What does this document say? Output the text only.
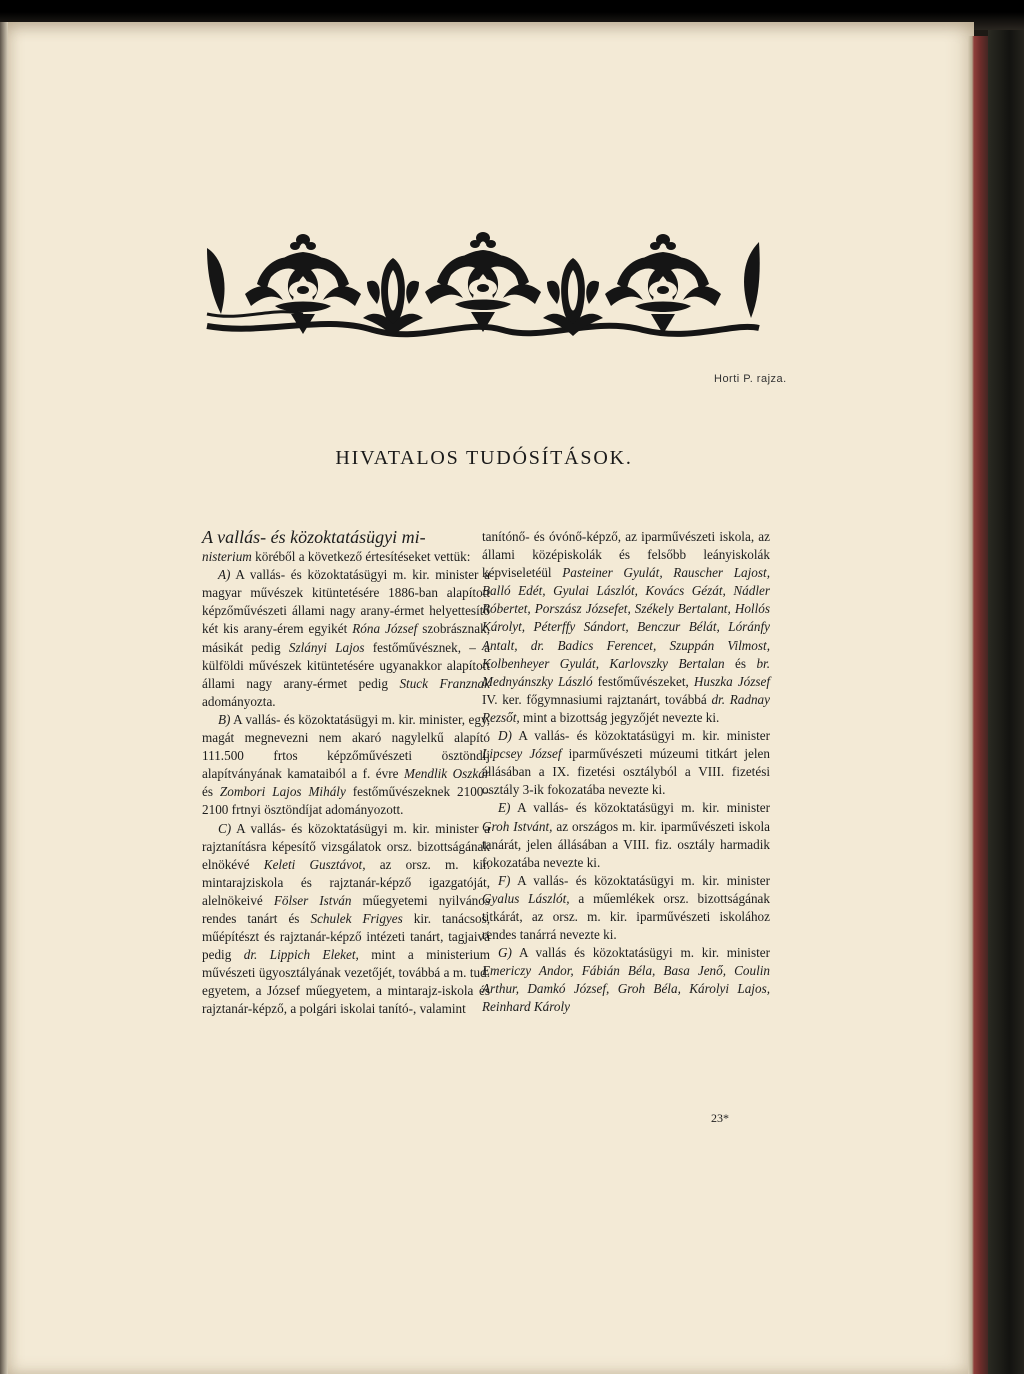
Horti P. rajza.

HIVATALOS TUDÓSÍTÁSOK.

A vallás- és közoktatásügyi mi-
nisterium köréből a következő értesítéseket vettük:

A) A vallás- és közoktatásügyi m. kir. minister a magyar művészek kitüntetésére 1886-ban alapított képzőművészeti állami nagy arany-érmet helyettesítő két kis arany-érem egyikét Róna József szobrásznak, másikát pedig Szlányi Lajos festőművésznek, – a külföldi művészek kitüntetésére ugyanakkor alapított állami nagy arany-érmet pedig Stuck Franznak adományozta.

B) A vallás- és közoktatásügyi m. kir. minister, egy, magát megnevezni nem akaró nagylelkű alapító 111.500 frtos képzőművészeti ösztöndíj alapítványának kamataiból a f. évre Mendlik Oszkár és Zombori Lajos Mihály festőművészeknek 2100–2100 frtnyi ösztöndíjat adományozott.

C) A vallás- és közoktatásügyi m. kir. minister a rajztanításra képesítő vizsgálatok orsz. bizottságának elnökévé Keleti Gusztávot, az orsz. m. kir. mintarajziskola és rajztanár-képző igazgatóját, alelnökeivé Fölser István műegyetemi nyilvános rendes tanárt és Schulek Frigyes kir. tanácsos, műépítészt és rajztanár-képző intézeti tanárt, tagjaivá pedig dr. Lippich Eleket, mint a ministerium művészeti ügyosztályának vezetőjét, továbbá a m. tud. egyetem, a József műegyetem, a mintarajz-iskola és rajztanár-képző, a polgári iskolai tanító-, valamint

tanítónő- és óvónő-képző, az iparművészeti iskola, az állami középiskolák és felsőbb leányiskolák képviseletéül Pasteiner Gyulát, Rauscher Lajost, Balló Edét, Gyulai Lászlót, Kovács Gézát, Nádler Róbertet, Porszász Józsefet, Székely Bertalant, Hollós Károlyt, Péterffy Sándort, Benczur Bélát, Lóránfy Antalt, dr. Badics Ferencet, Szuppán Vilmost, Kolbenheyer Gyulát, Karlovszky Bertalan és br. Mednyánszky László festőművészeket, Huszka József IV. ker. főgymnasiumi rajztanárt, továbbá dr. Radnay Rezsőt, mint a bizottság jegyzőjét nevezte ki.

D) A vallás- és közoktatásügyi m. kir. minister Lipcsey József iparművészeti múzeumi titkárt jelen állásában a IX. fizetési osztályból a VIII. fizetési osztály 3-ik fokozatába nevezte ki.

E) A vallás- és közoktatásügyi m. kir. minister Groh Istvánt, az országos m. kir. iparművészeti iskola tanárát, jelen állásában a VIII. fiz. osztály harmadik fokozatába nevezte ki.

F) A vallás- és közoktatásügyi m. kir. minister Gyalus Lászlót, a műemlékek orsz. bizottságának titkárát, az orsz. m. kir. iparművészeti iskolához rendes tanárrá nevezte ki.

G) A vallás és közoktatásügyi m. kir. minister Emericzy Andor, Fábián Béla, Basa Jenő, Coulin Arthur, Damkó József, Groh Béla, Károlyi Lajos, Reinhard Károly

23*
